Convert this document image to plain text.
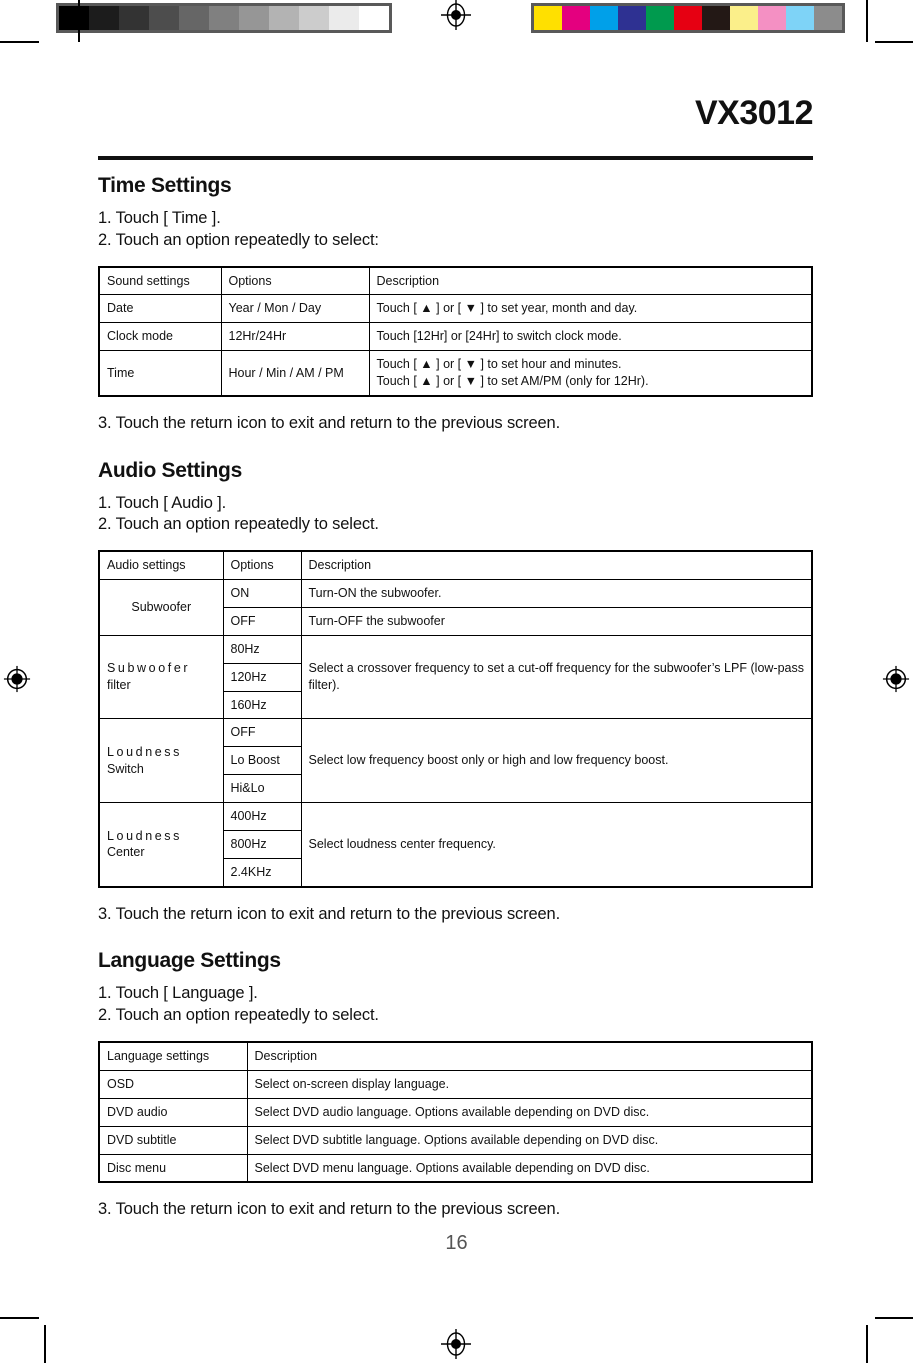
VX3012
Time Settings

1. Touch [ Time ].

2. Touch an option repeatedly to select:

Sound settings	Options	Description
Date	Year / Mon / Day	Touch [ ▲ ] or [ ▼ ] to set year, month and day.

Clock mode	12Hr/24Hr	Touch [12Hr] or [24Hr] to switch clock mode.

Time	Hour / Min / AM / PM	Touch [ ▲ ] or [ ▼ ] to set hour and minutes.
Touch [ ▲ ] or [ ▼ ] to set AM/PM (only for 12Hr).

3. Touch the return icon to exit and return to the previous screen.

Audio Settings

1. Touch [ Audio ].

2. Touch an option repeatedly to select.

Audio settings	Options	Description
Subwoofer	ON	Turn-ON the subwoofer.
	OFF	Turn-OFF the subwoofer
Subwoofer
filter	80Hz	Select a crossover frequency to set a cut-off frequency for the subwoofer’s LPF (low-pass filter).
	120Hz	
	160Hz	
Loudness
Switch	OFF	Select low frequency boost only or high and low frequency boost.
	Lo Boost	
	Hi&Lo	
Loudness
Center	400Hz	Select loudness center frequency.
	800Hz	
	2.4KHz	

3. Touch the return icon to exit and return to the previous screen.

Language Settings

1. Touch [ Language ].

2. Touch an option repeatedly to select.

Language settings	Description
OSD	Select on-screen display language.
DVD audio	Select DVD audio language. Options available depending on DVD disc.
DVD subtitle	Select DVD subtitle language. Options available depending on DVD disc.
Disc menu	Select DVD menu language. Options available depending on DVD disc.

3. Touch the return icon to exit and return to the previous screen.

16
